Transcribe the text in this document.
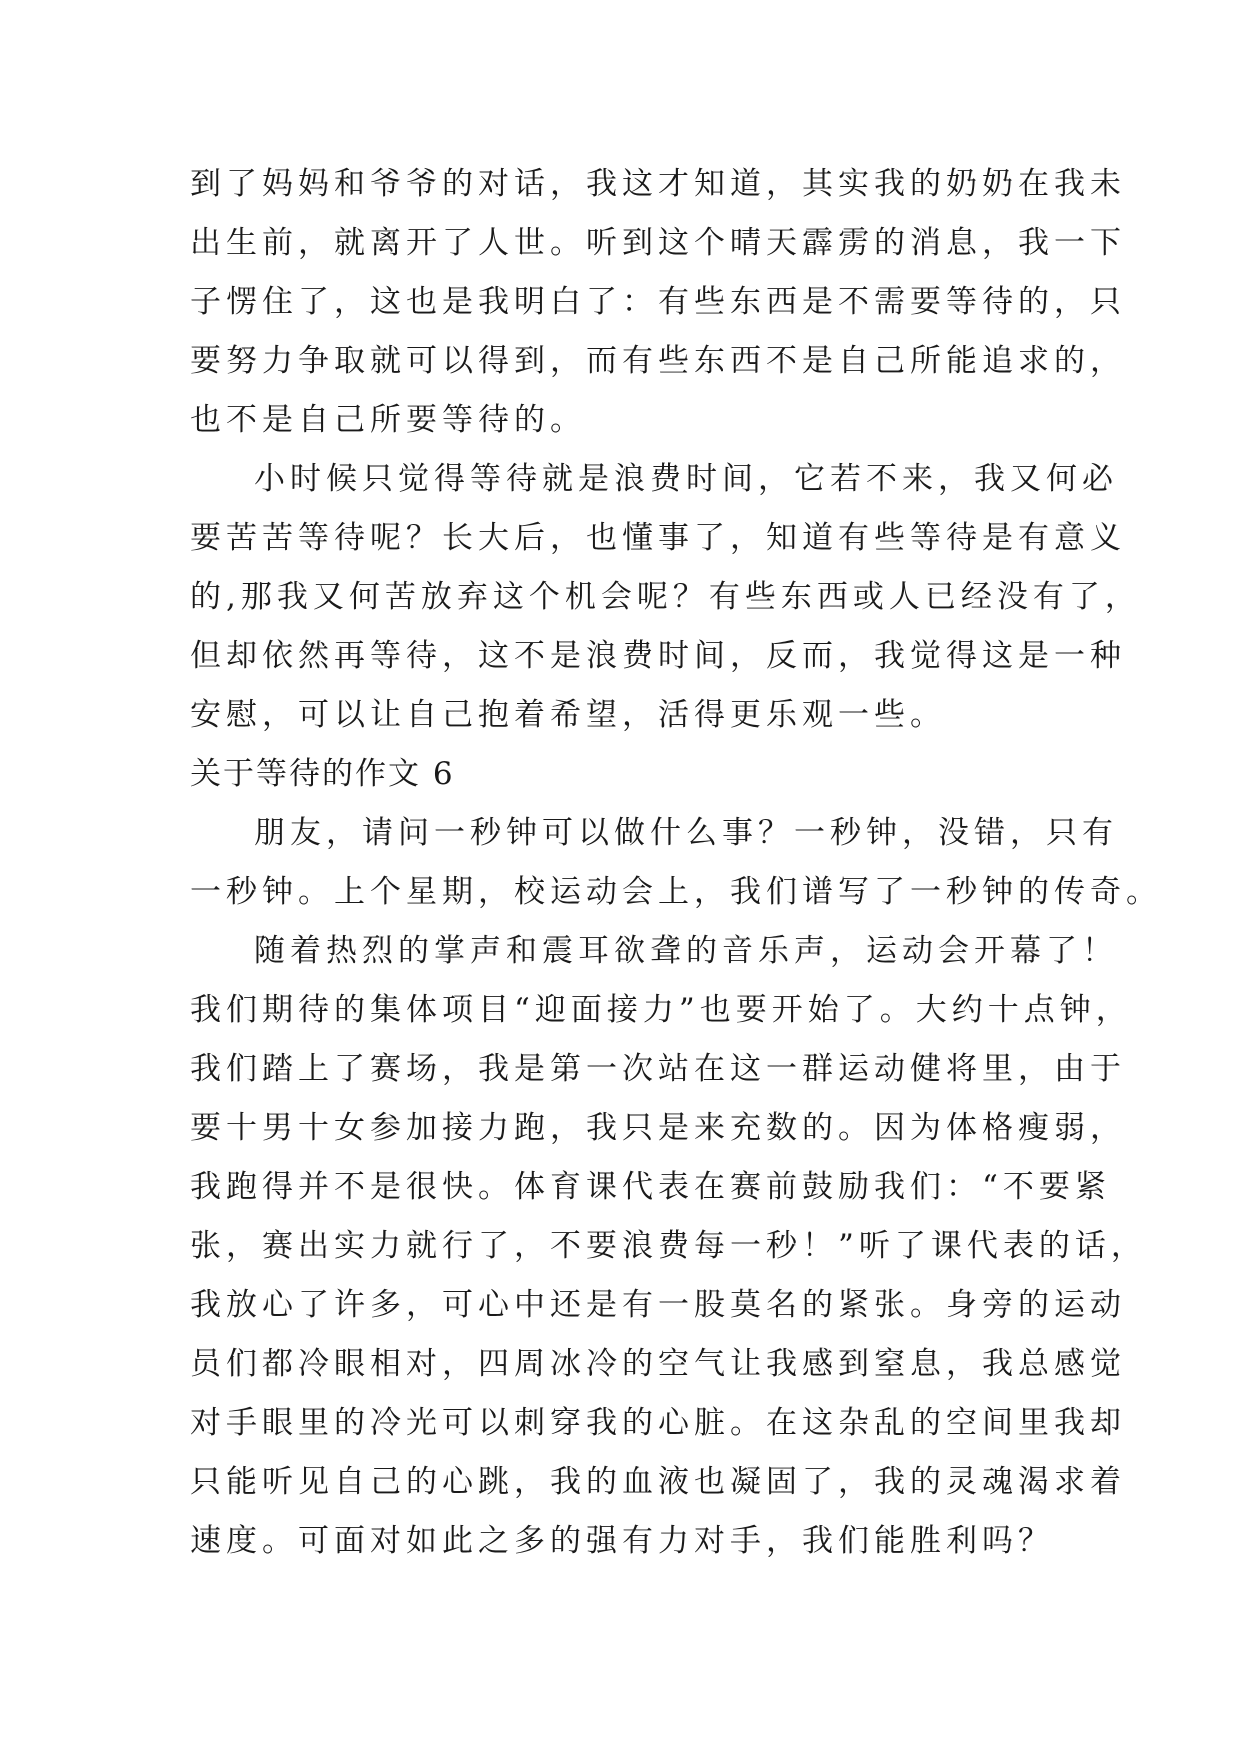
到了妈妈和爷爷的对话，我这才知道，其实我的奶奶在我未
出生前，就离开了人世。听到这个晴天霹雳的消息，我一下
子愣住了，这也是我明白了：有些东西是不需要等待的，只
要努力争取就可以得到，而有些东西不是自己所能追求的，
也不是自己所要等待的。
小时候只觉得等待就是浪费时间，它若不来，我又何必
要苦苦等待呢？长大后，也懂事了，知道有些等待是有意义
的,那我又何苦放弃这个机会呢？有些东西或人已经没有了，
但却依然再等待，这不是浪费时间，反而，我觉得这是一种
安慰，可以让自己抱着希望，活得更乐观一些。
关于等待的作文 6
朋友，请问一秒钟可以做什么事？一秒钟，没错，只有
一秒钟。上个星期，校运动会上，我们谱写了一秒钟的传奇。
随着热烈的掌声和震耳欲聋的音乐声，运动会开幕了！
我们期待的集体项目“迎面接力”也要开始了。大约十点钟，
我们踏上了赛场，我是第一次站在这一群运动健将里，由于
要十男十女参加接力跑，我只是来充数的。因为体格瘦弱，
我跑得并不是很快。体育课代表在赛前鼓励我们：“不要紧
张，赛出实力就行了，不要浪费每一秒！”听了课代表的话，
我放心了许多，可心中还是有一股莫名的紧张。身旁的运动
员们都冷眼相对，四周冰冷的空气让我感到窒息，我总感觉
对手眼里的冷光可以刺穿我的心脏。在这杂乱的空间里我却
只能听见自己的心跳，我的血液也凝固了，我的灵魂渴求着
速度。可面对如此之多的强有力对手，我们能胜利吗？
